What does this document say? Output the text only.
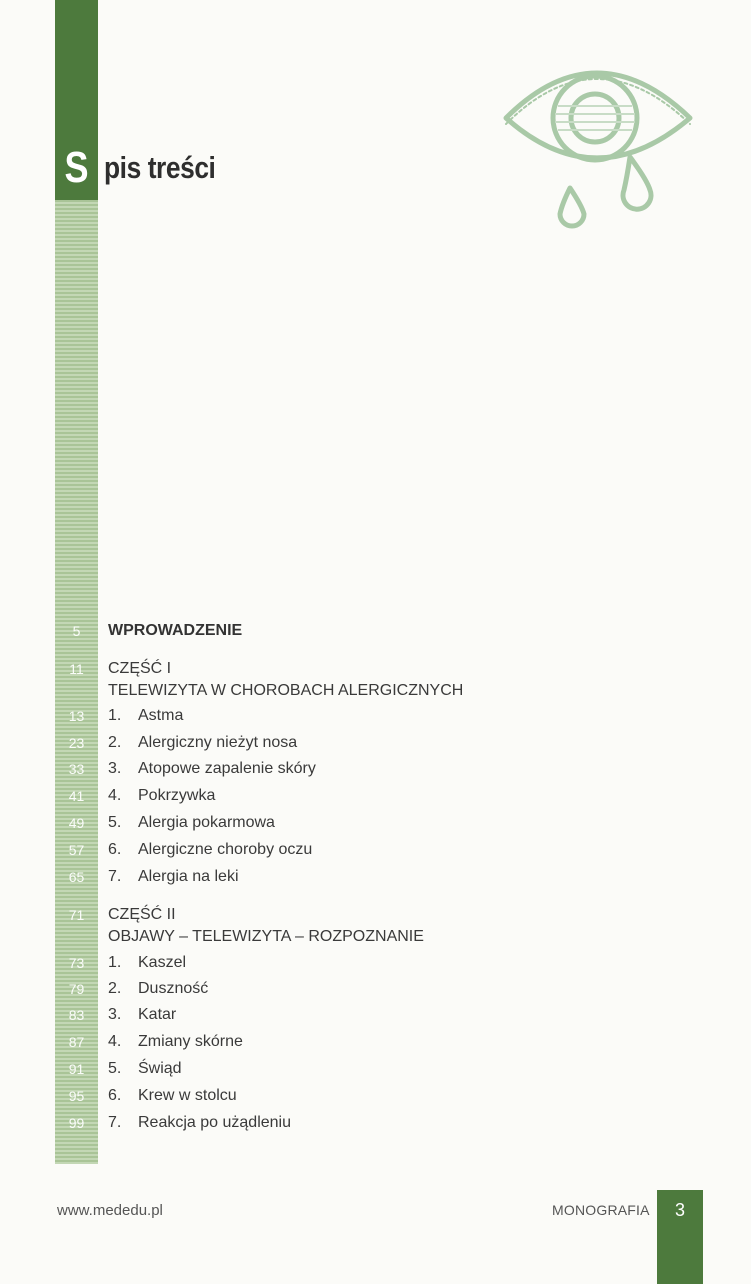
S pis treści
5	WPROWADZENIE
11	CZĘŚĆ I
TELEWIZYTA W CHOROBACH ALERGICZNYCH
13	1. Astma
23	2. Alergiczny nieżyt nosa
33	3. Atopowe zapalenie skóry
41	4. Pokrzywka
49	5. Alergia pokarmowa
57	6. Alergiczne choroby oczu
65	7. Alergia na leki
71	CZĘŚĆ II
OBJAWY – TELEWIZYTA – ROZPOZNANIE
73	1. Kaszel
79	2. Duszność
83	3. Katar
87	4. Zmiany skórne
91	5. Świąd
95	6. Krew w stolcu
99	7. Reakcja po użądleniu
www.mededu.pl	MONOGRAFIA	3
